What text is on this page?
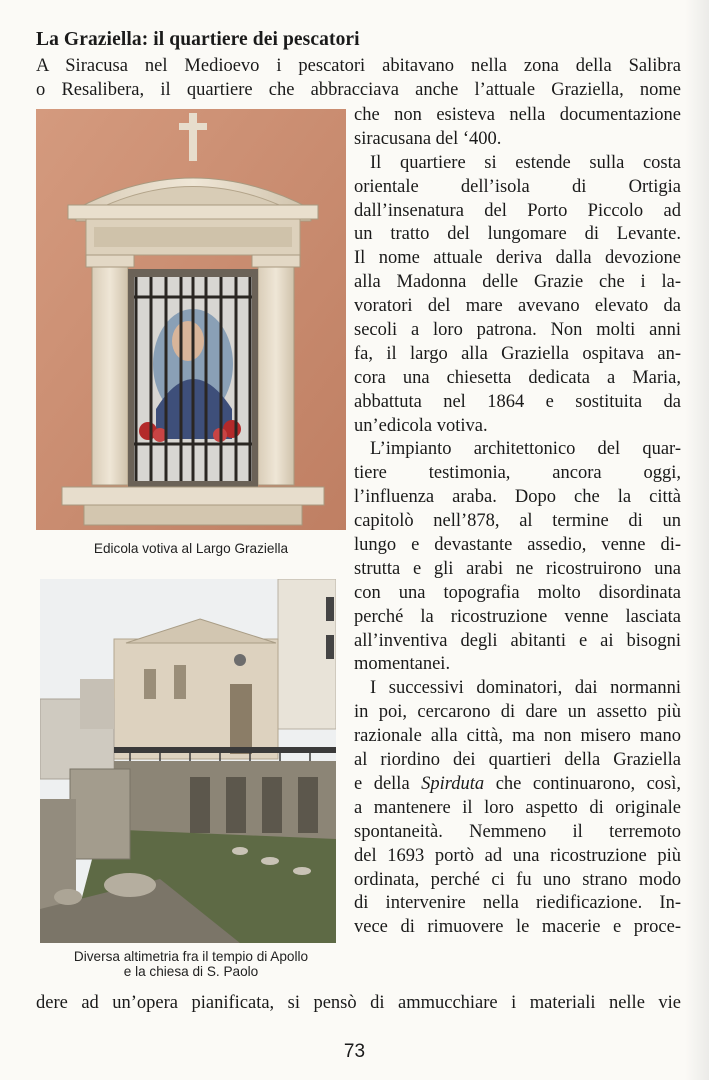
La Graziella: il quartiere dei pescatori

A Siracusa nel Medioevo i pescatori abitavano nella zona della Salibra

o Resalibera, il quartiere che abbracciava anche l’attuale Graziella, nome

Edicola votiva al Largo Graziella
Diversa altimetria fra il tempio di Apollo
e la chiesa di S. Paolo
che non esisteva nella documentazione
siracusana del ‘400.
Il quartiere si estende sulla costa
orientale dell’isola di Ortigia
dall’insenatura del Porto Piccolo ad
un tratto del lungomare di Levante.
Il nome attuale deriva dalla devozione
alla Madonna delle Grazie che i la-
voratori del mare avevano elevato da
secoli a loro patrona. Non molti anni
fa, il largo alla Graziella ospitava an-
cora una chiesetta dedicata a Maria,
abbattuta nel 1864 e sostituita da
un’edicola votiva.
L’impianto architettonico del quar-
tiere testimonia, ancora oggi,
l’influenza araba. Dopo che la città
capitolò nell’878, al termine di un
lungo e devastante assedio, venne di-
strutta e gli arabi ne ricostruirono una
con una topografia molto disordinata
perché la ricostruzione venne lasciata
all’inventiva degli abitanti e ai bisogni
momentanei.
I successivi dominatori, dai normanni
in poi, cercarono di dare un assetto più
razionale alla città, ma non misero mano
al riordino dei quartieri della Graziella
e della Spirduta che continuarono, così,
a mantenere il loro aspetto di originale
spontaneità. Nemmeno il terremoto
del 1693 portò ad una ricostruzione più
ordinata, perché ci fu uno strano modo
di intervenire nella riedificazione. In-
vece di rimuovere le macerie e proce-

dere ad un’opera pianificata, si pensò di ammucchiare i materiali nelle vie

73
